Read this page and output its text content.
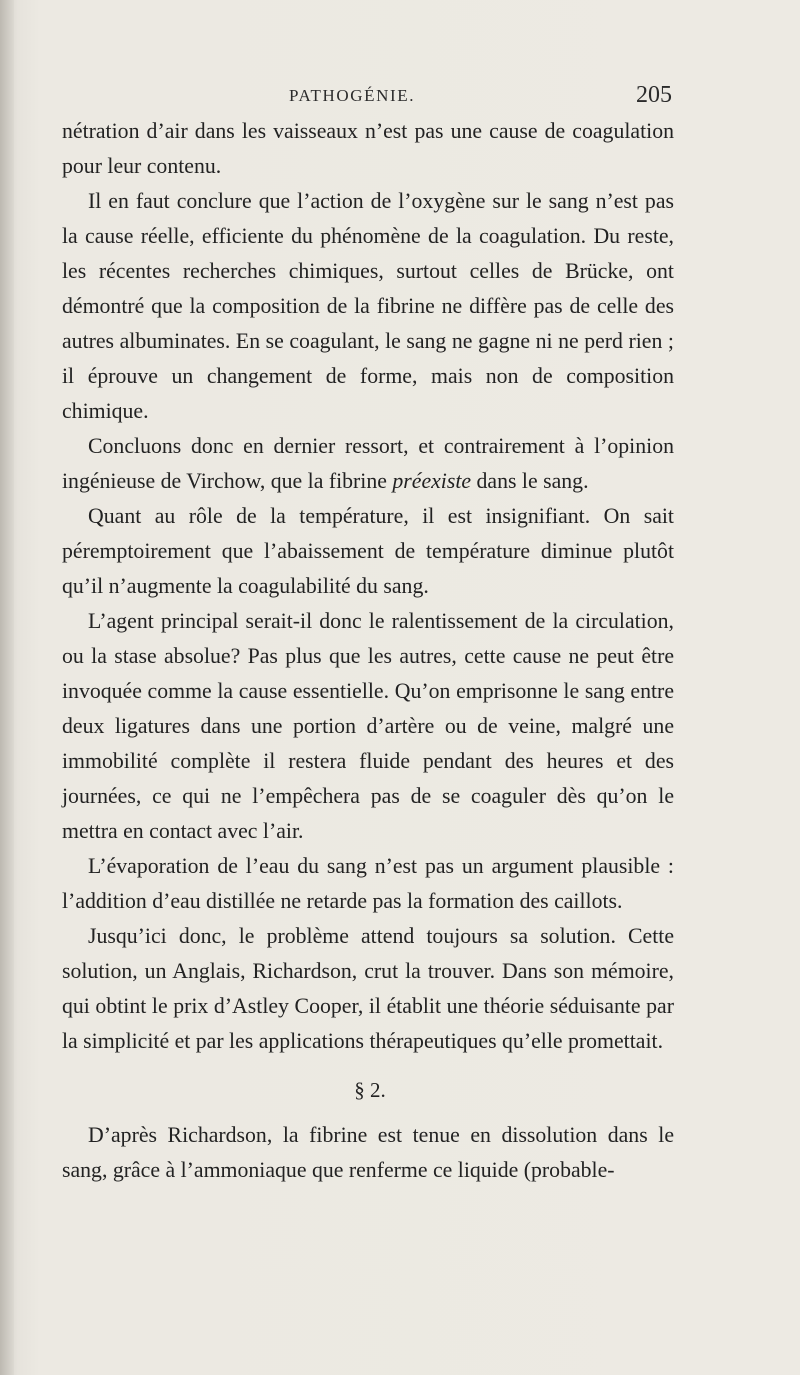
PATHOGÉNIE.	205

nétration d’air dans les vaisseaux n’est pas une cause de coagulation pour leur contenu.

Il en faut conclure que l’action de l’oxygène sur le sang n’est pas la cause réelle, efficiente du phénomène de la coagulation. Du reste, les récentes recherches chimiques, surtout celles de Brücke, ont démontré que la composition de la fibrine ne diffère pas de celle des autres albuminates. En se coagulant, le sang ne gagne ni ne perd rien ; il éprouve un changement de forme, mais non de composition chimique.

Concluons donc en dernier ressort, et contrairement à l’opinion ingénieuse de Virchow, que la fibrine préexiste dans le sang.

Quant au rôle de la température, il est insignifiant. On sait péremptoirement que l’abaissement de température diminue plutôt qu’il n’augmente la coagulabilité du sang.

L’agent principal serait-il donc le ralentissement de la circulation, ou la stase absolue? Pas plus que les autres, cette cause ne peut être invoquée comme la cause essentielle. Qu’on emprisonne le sang entre deux ligatures dans une portion d’artère ou de veine, malgré une immobilité complète il restera fluide pendant des heures et des journées, ce qui ne l’empêchera pas de se coaguler dès qu’on le mettra en contact avec l’air.

L’évaporation de l’eau du sang n’est pas un argument plausible : l’addition d’eau distillée ne retarde pas la formation des caillots.

Jusqu’ici donc, le problème attend toujours sa solution. Cette solution, un Anglais, Richardson, crut la trouver. Dans son mémoire, qui obtint le prix d’Astley Cooper, il établit une théorie séduisante par la simplicité et par les applications thérapeutiques qu’elle promettait.

§ 2.

D’après Richardson, la fibrine est tenue en dissolution dans le sang, grâce à l’ammoniaque que renferme ce liquide (probable-
